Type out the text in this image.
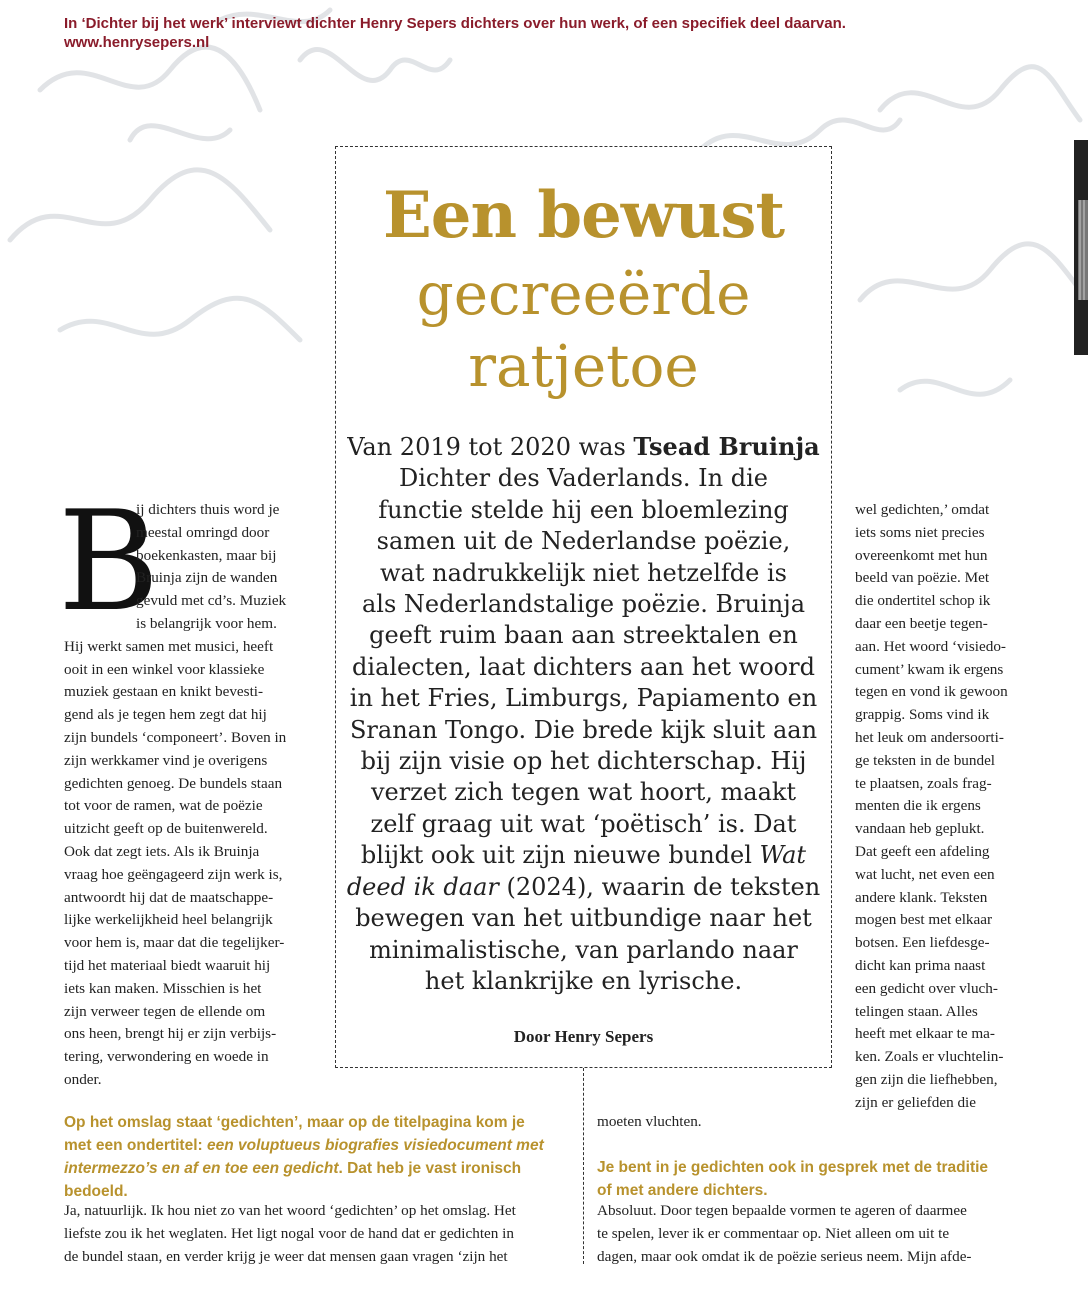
In ‘Dichter bij het werk’ interviewt dichter Henry Sepers dichters over hun werk, of een specifiek deel daarvan.
www.henrysepers.nl
Een bewust
gecreeërde
ratjetoe

Van 2019 tot 2020 was Tsead Bruinja

Dichter des Vaderlands. In die

functie stelde hij een bloemlezing

samen uit de Nederlandse poëzie,

wat nadrukkelijk niet hetzelfde is

als Nederlandstalige poëzie. Bruinja

geeft ruim baan aan streektalen en

dialecten, laat dichters aan het woord

in het Fries, Limburgs, Papiamento en

Sranan Tongo. Die brede kijk sluit aan

bij zijn visie op het dichterschap. Hij

verzet zich tegen wat hoort, maakt

zelf graag uit wat ‘poëtisch’ is. Dat

blijkt ook uit zijn nieuwe bundel Wat

deed ik daar (2024), waarin de teksten

bewegen van het uitbundige naar het

minimalistische, van parlando naar

het klankrijke en lyrische.

Door Henry Sepers
B

ij dichters thuis word je

meestal omringd door

boekenkasten, maar bij

Bruinja zijn de wanden

gevuld met cd’s. Muziek

is belangrijk voor hem.

Hij werkt samen met musici, heeft

ooit in een winkel voor klassieke

muziek gestaan en knikt bevesti-

gend als je tegen hem zegt dat hij

zijn bundels ‘componeert’. Boven in

zijn werkkamer vind je overigens

gedichten genoeg. De bundels staan

tot voor de ramen, wat de poëzie

uitzicht geeft op de buitenwereld.

Ook dat zegt iets. Als ik Bruinja

vraag hoe geëngageerd zijn werk is,

antwoordt hij dat de maatschappe-

lijke werkelijkheid heel belangrijk

voor hem is, maar dat die tegelijker-

tijd het materiaal biedt waaruit hij

iets kan maken. Misschien is het

zijn verweer tegen de ellende om

ons heen, brengt hij er zijn verbijs-

tering, verwondering en woede in

onder.

wel gedichten,’ omdat

iets soms niet precies

overeenkomt met hun

beeld van poëzie. Met

die ondertitel schop ik

daar een beetje tegen-

aan. Het woord ‘visiedo-

cument’ kwam ik ergens

tegen en vond ik gewoon

grappig. Soms vind ik

het leuk om andersoorti-

ge teksten in de bundel

te plaatsen, zoals frag-

menten die ik ergens

vandaan heb geplukt.

Dat geeft een afdeling

wat lucht, net even een

andere klank. Teksten

mogen best met elkaar

botsen. Een liefdesge-

dicht kan prima naast

een gedicht over vluch-

telingen staan. Alles

heeft met elkaar te ma-

ken. Zoals er vluchtelin-

gen zijn die liefhebben,

zijn er geliefden die

Op het omslag staat ‘gedichten’, maar op de titelpagina kom je

met een ondertitel: een voluptueus biografies visiedocument met

intermezzo’s en af en toe een gedicht. Dat heb je vast ironisch

bedoeld.

Ja, natuurlijk. Ik hou niet zo van het woord ‘gedichten’ op het omslag. Het

liefste zou ik het weglaten. Het ligt nogal voor de hand dat er gedichten in

de bundel staan, en verder krijg je weer dat mensen gaan vragen ‘zijn het

moeten vluchten.

Je bent in je gedichten ook in gesprek met de traditie

of met andere dichters.

Absoluut. Door tegen bepaalde vormen te ageren of daarmee

te spelen, lever ik er commentaar op. Niet alleen om uit te

dagen, maar ook omdat ik de poëzie serieus neem. Mijn afde-
